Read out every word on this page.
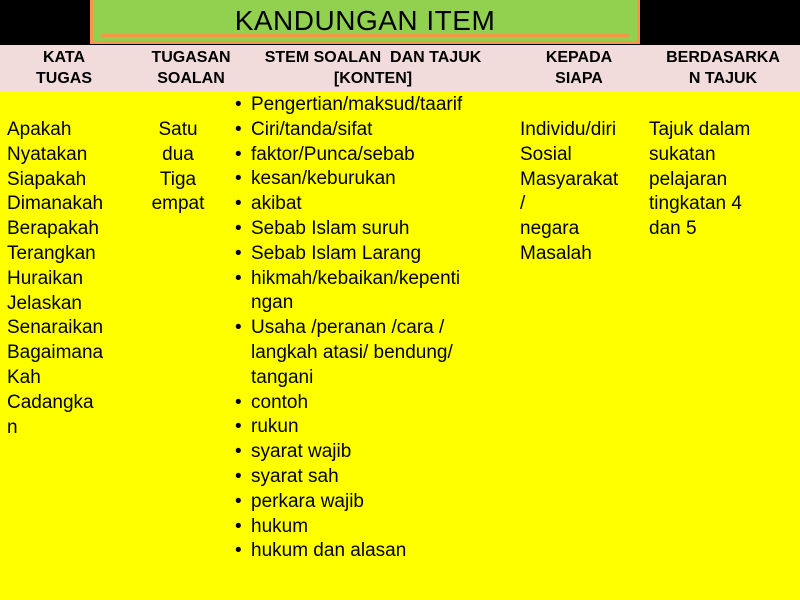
KANDUNGAN ITEM
KATA
TUGAS
TUGASAN
SOALAN
STEM SOALAN  DAN TAJUK
[KONTEN]
KEPADA
SIAPA
BERDASARKA
N TAJUK
Apakah
Nyatakan
Siapakah
Dimanakah
Berapakah
Terangkan
Huraikan
Jelaskan
Senaraikan
Bagaimana
Kah
Cadangka
n
Satu
dua
Tiga
empat
• Pengertian/maksud/taarif
• Ciri/tanda/sifat
• faktor/Punca/sebab
• kesan/keburukan
• akibat
• Sebab Islam suruh
• Sebab Islam Larang
• hikmah/kebaikan/kepenti
ngan
• Usaha /peranan /cara /
langkah atasi/ bendung/
tangani
• contoh
• rukun
• syarat wajib
• syarat sah
• perkara wajib
• hukum
• hukum dan alasan
Individu/diri
Sosial
Masyarakat
/
negara
Masalah
Tajuk dalam
sukatan
pelajaran
tingkatan 4
dan 5
